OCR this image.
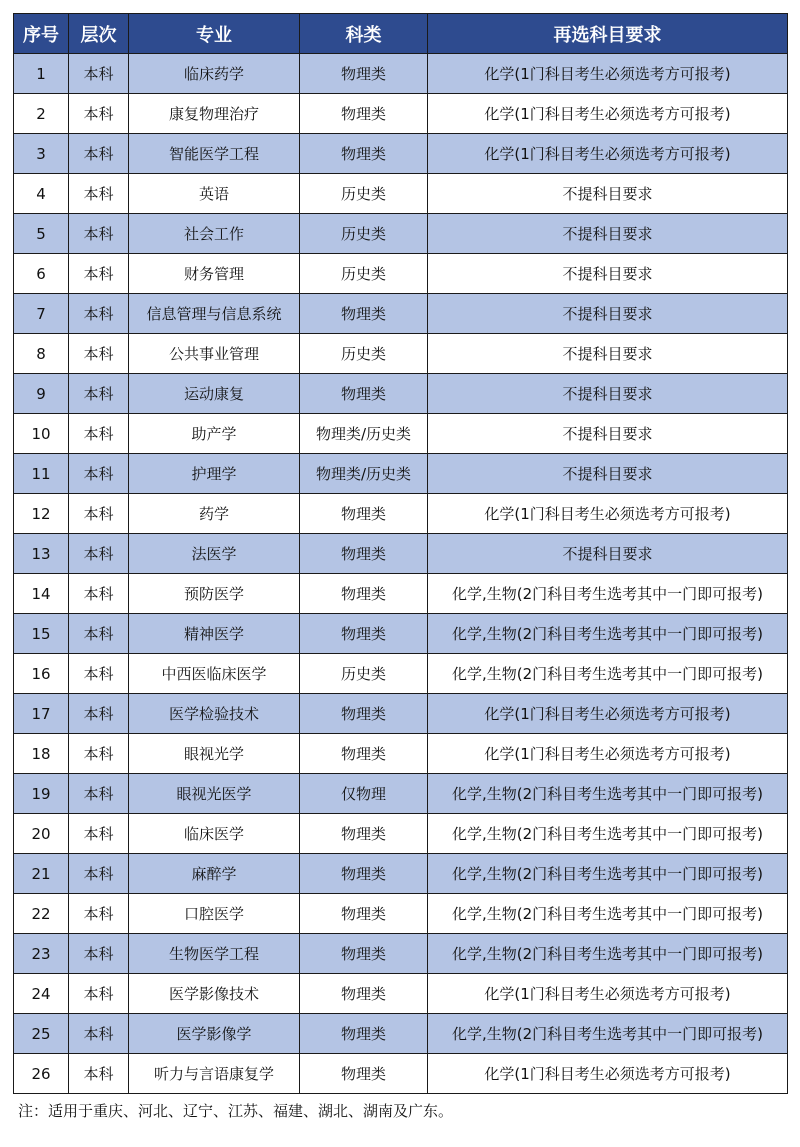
序号	层次	专业	科类	再选科目要求
1	本科	临床药学	物理类	化学(1门科目考生必须选考方可报考)
2	本科	康复物理治疗	物理类	化学(1门科目考生必须选考方可报考)
3	本科	智能医学工程	物理类	化学(1门科目考生必须选考方可报考)
4	本科	英语	历史类	不提科目要求
5	本科	社会工作	历史类	不提科目要求
6	本科	财务管理	历史类	不提科目要求
7	本科	信息管理与信息系统	物理类	不提科目要求
8	本科	公共事业管理	历史类	不提科目要求
9	本科	运动康复	物理类	不提科目要求
10	本科	助产学	物理类/历史类	不提科目要求
11	本科	护理学	物理类/历史类	不提科目要求
12	本科	药学	物理类	化学(1门科目考生必须选考方可报考)
13	本科	法医学	物理类	不提科目要求
14	本科	预防医学	物理类	化学,生物(2门科目考生选考其中一门即可报考)
15	本科	精神医学	物理类	化学,生物(2门科目考生选考其中一门即可报考)
16	本科	中西医临床医学	历史类	化学,生物(2门科目考生选考其中一门即可报考)
17	本科	医学检验技术	物理类	化学(1门科目考生必须选考方可报考)
18	本科	眼视光学	物理类	化学(1门科目考生必须选考方可报考)
19	本科	眼视光医学	仅物理	化学,生物(2门科目考生选考其中一门即可报考)
20	本科	临床医学	物理类	化学,生物(2门科目考生选考其中一门即可报考)
21	本科	麻醉学	物理类	化学,生物(2门科目考生选考其中一门即可报考)
22	本科	口腔医学	物理类	化学,生物(2门科目考生选考其中一门即可报考)
23	本科	生物医学工程	物理类	化学,生物(2门科目考生选考其中一门即可报考)
24	本科	医学影像技术	物理类	化学(1门科目考生必须选考方可报考)
25	本科	医学影像学	物理类	化学,生物(2门科目考生选考其中一门即可报考)
26	本科	听力与言语康复学	物理类	化学(1门科目考生必须选考方可报考)
注：适用于重庆、河北、辽宁、江苏、福建、湖北、湖南及广东。
